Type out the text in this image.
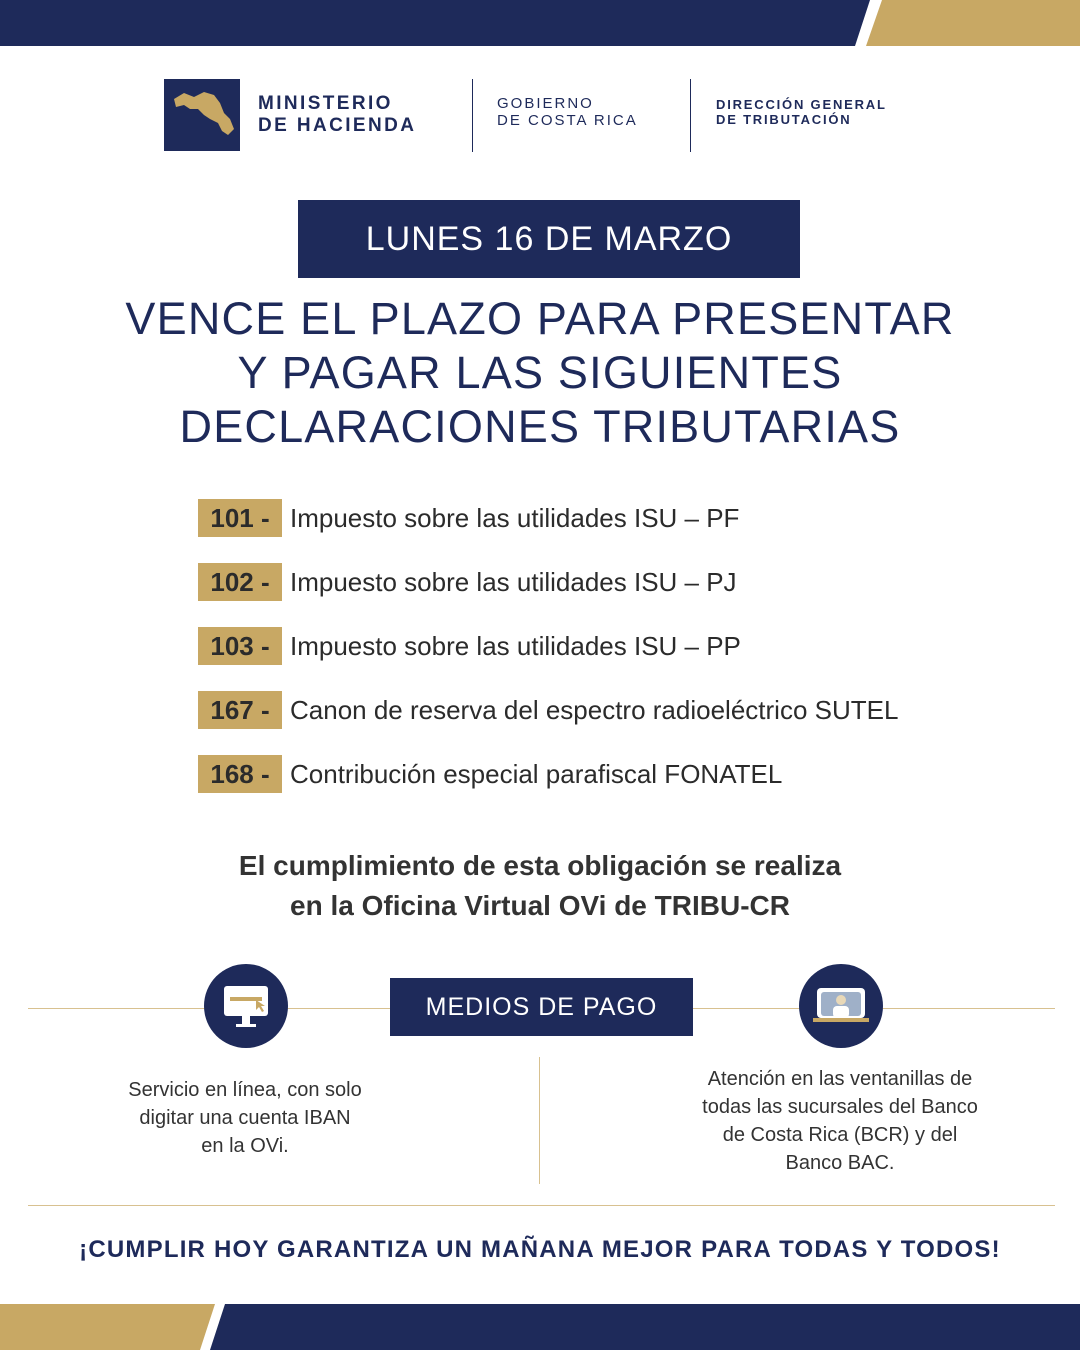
MINISTERIO
DE HACIENDA
GOBIERNO
DE COSTA RICA
DIRECCIÓN GENERAL
DE TRIBUTACIÓN
LUNES 16 DE MARZO
VENCE EL PLAZO PARA PRESENTAR
Y PAGAR LAS SIGUIENTES
DECLARACIONES TRIBUTARIAS
101 - Impuesto sobre las utilidades ISU – PF
102 - Impuesto sobre las utilidades ISU – PJ
103 - Impuesto sobre las utilidades ISU – PP
167 - Canon de reserva del espectro radioeléctrico SUTEL
168 - Contribución especial parafiscal FONATEL
El cumplimiento de esta obligación se realiza
en la Oficina Virtual OVi de TRIBU-CR
MEDIOS DE PAGO
Servicio en línea, con solo
digitar una cuenta IBAN
en la OVi.
Atención en las ventanillas de
todas las sucursales del Banco
de Costa Rica (BCR) y del
Banco BAC.
¡CUMPLIR HOY GARANTIZA UN MAÑANA MEJOR PARA TODAS Y TODOS!
